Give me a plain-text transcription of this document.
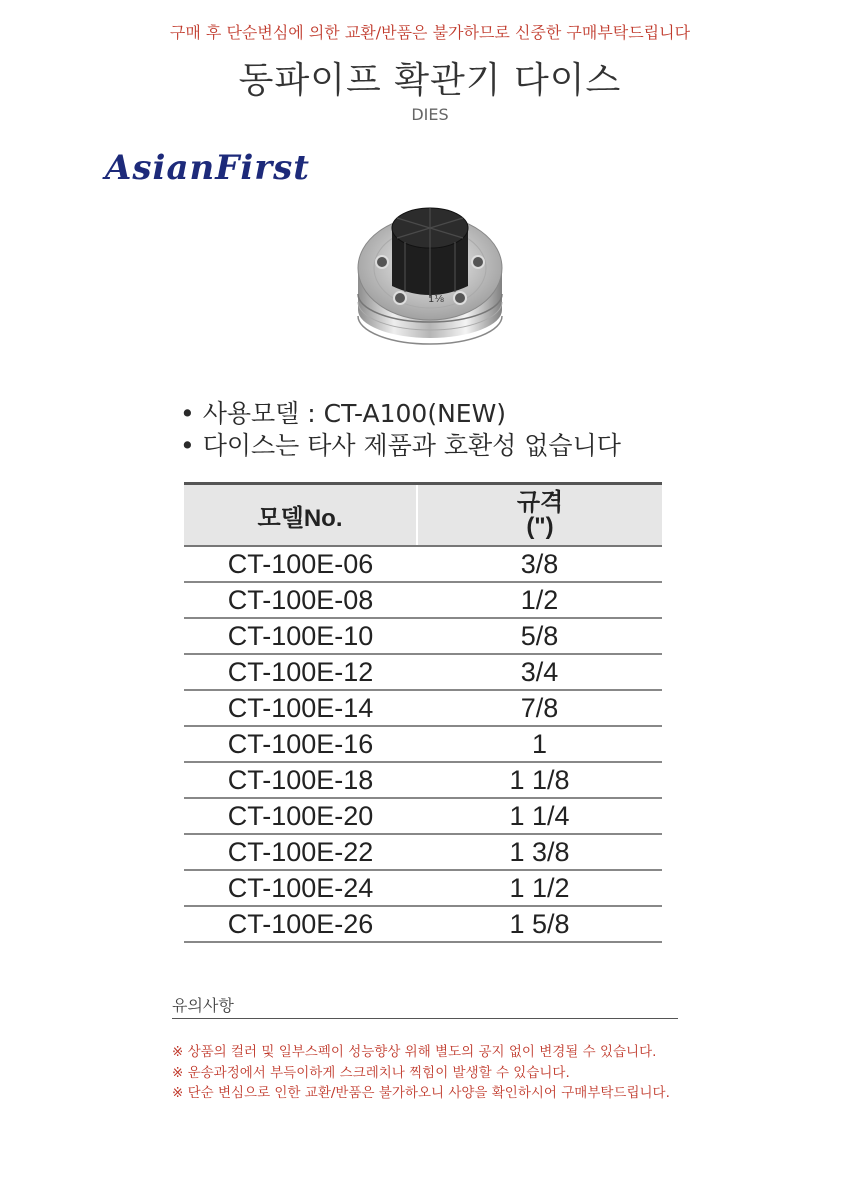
구매 후 단순변심에 의한 교환/반품은 불가하므로 신중한 구매부탁드립니다
동파이프 확관기 다이스
DIES
AsianFirst
1⅛
• 사용모델 : CT-A100(NEW)
• 다이스는 타사 제품과 호환성 없습니다
모델No.	규격
(")

CT-100E-06	3/8
CT-100E-08	1/2
CT-100E-10	5/8
CT-100E-12	3/4
CT-100E-14	7/8
CT-100E-16	1
CT-100E-18	1 1/8
CT-100E-20	1 1/4
CT-100E-22	1 3/8
CT-100E-24	1 1/2
CT-100E-26	1 5/8
유의사항
※ 상품의 컬러 및 일부스펙이 성능향상 위해 별도의 공지 없이 변경될 수 있습니다.
※ 운송과정에서 부득이하게 스크레치나 찍힘이 발생할 수 있습니다.
※ 단순 변심으로 인한 교환/반품은 불가하오니 사양을 확인하시어 구매부탁드립니다.
